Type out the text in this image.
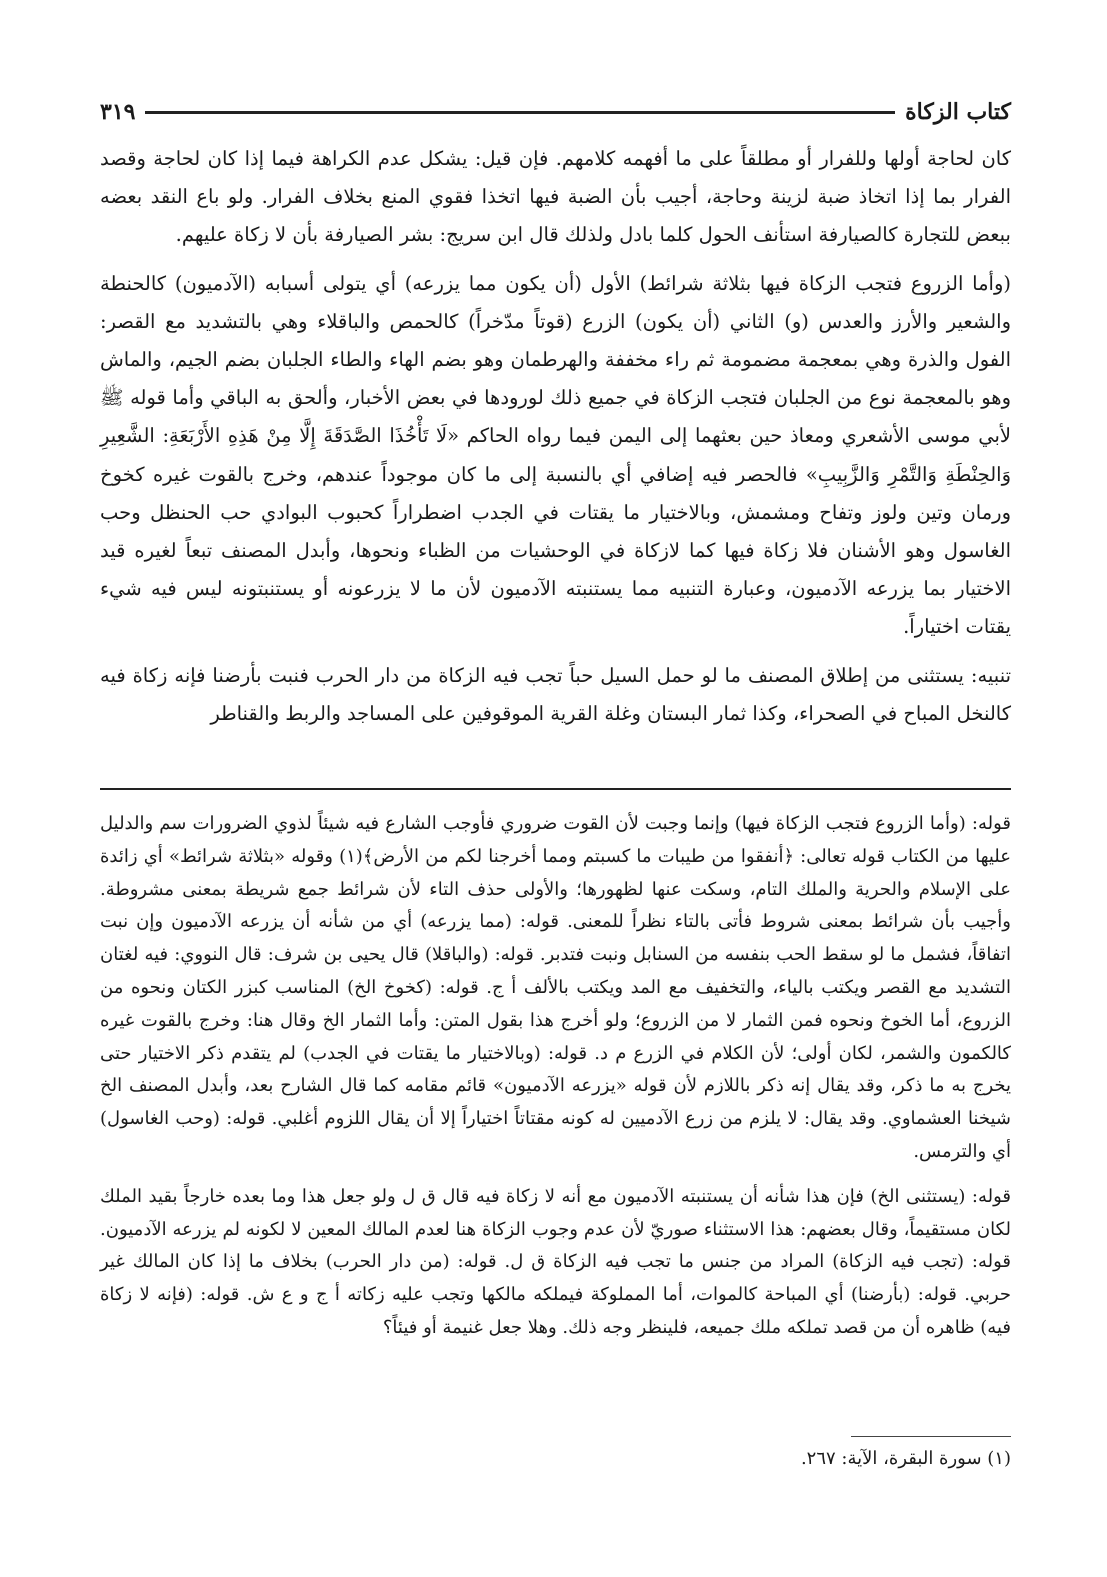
كتاب الزكاة
٣١٩

كان لحاجة أولها وللفرار أو مطلقاً على ما أفهمه كلامهم. فإن قيل: يشكل عدم الكراهة فيما إذا كان لحاجة وقصد الفرار بما إذا اتخاذ ضبة لزينة وحاجة، أجيب بأن الضبة فيها اتخذا فقوي المنع بخلاف الفرار. ولو باع النقد بعضه ببعض للتجارة كالصيارفة استأنف الحول كلما بادل ولذلك قال ابن سريج: بشر الصيارفة بأن لا زكاة عليهم.

(وأما الزروع فتجب الزكاة فيها بثلاثة شرائط) الأول (أن يكون مما يزرعه) أي يتولى أسبابه (الآدميون) كالحنطة والشعير والأرز والعدس (و) الثاني (أن يكون) الزرع (قوتاً مدّخراً) كالحمص والباقلاء وهي بالتشديد مع القصر: الفول والذرة وهي بمعجمة مضمومة ثم راء مخففة والهرطمان وهو بضم الهاء والطاء الجلبان بضم الجيم، والماش وهو بالمعجمة نوع من الجلبان فتجب الزكاة في جميع ذلك لورودها في بعض الأخبار، وألحق به الباقي وأما قوله ﷺ لأبي موسى الأشعري ومعاذ حين بعثهما إلى اليمن فيما رواه الحاكم «لَا تَأْخُذَا الصَّدَقَةَ إِلَّا مِنْ هَذِهِ الأَرْبَعَةِ: الشَّعِيرِ وَالحِنْطَةِ وَالتَّمْرِ وَالزَّبِيبِ» فالحصر فيه إضافي أي بالنسبة إلى ما كان موجوداً عندهم، وخرج بالقوت غيره كخوخ ورمان وتين ولوز وتفاح ومشمش، وبالاختيار ما يقتات في الجدب اضطراراً كحبوب البوادي حب الحنظل وحب الغاسول وهو الأشنان فلا زكاة فيها كما لازكاة في الوحشيات من الظباء ونحوها، وأبدل المصنف تبعاً لغيره قيد الاختيار بما يزرعه الآدميون، وعبارة التنبيه مما يستنبته الآدميون لأن ما لا يزرعونه أو يستنبتونه ليس فيه شيء يقتات اختياراً.

تنبيه: يستثنى من إطلاق المصنف ما لو حمل السيل حباً تجب فيه الزكاة من دار الحرب فنبت بأرضنا فإنه زكاة فيه كالنخل المباح في الصحراء، وكذا ثمار البستان وغلة القرية الموقوفين على المساجد والربط والقناطر

قوله: (وأما الزروع فتجب الزكاة فيها) وإنما وجبت لأن القوت ضروري فأوجب الشارع فيه شيئاً لذوي الضرورات سم والدليل عليها من الكتاب قوله تعالى: ﴿أنفقوا من طيبات ما كسبتم ومما أخرجنا لكم من الأرض﴾(١) وقوله «بثلاثة شرائط» أي زائدة على الإسلام والحرية والملك التام، وسكت عنها لظهورها؛ والأولى حذف التاء لأن شرائط جمع شريطة بمعنى مشروطة. وأجيب بأن شرائط بمعنى شروط فأتى بالتاء نظراً للمعنى. قوله: (مما يزرعه) أي من شأنه أن يزرعه الآدميون وإن نبت اتفاقاً، فشمل ما لو سقط الحب بنفسه من السنابل ونبت فتدبر. قوله: (والباقلا) قال يحيى بن شرف: قال النووي: فيه لغتان التشديد مع القصر ويكتب بالياء، والتخفيف مع المد ويكتب بالألف أ ج. قوله: (كخوخ الخ) المناسب كبزر الكتان ونحوه من الزروع، أما الخوخ ونحوه فمن الثمار لا من الزروع؛ ولو أخرج هذا بقول المتن: وأما الثمار الخ وقال هنا: وخرج بالقوت غيره كالكمون والشمر، لكان أولى؛ لأن الكلام في الزرع م د. قوله: (وبالاختيار ما يقتات في الجدب) لم يتقدم ذكر الاختيار حتى يخرج به ما ذكر، وقد يقال إنه ذكر باللازم لأن قوله «يزرعه الآدميون» قائم مقامه كما قال الشارح بعد، وأبدل المصنف الخ شيخنا العشماوي. وقد يقال: لا يلزم من زرع الآدميين له كونه مقتاتاً اختياراً إلا أن يقال اللزوم أغلبي. قوله: (وحب الغاسول) أي والترمس.

قوله: (يستثنى الخ) فإن هذا شأنه أن يستنبته الآدميون مع أنه لا زكاة فيه قال ق ل ولو جعل هذا وما بعده خارجاً بقيد الملك لكان مستقيماً، وقال بعضهم: هذا الاستثناء صوريّ لأن عدم وجوب الزكاة هنا لعدم المالك المعين لا لكونه لم يزرعه الآدميون. قوله: (تجب فيه الزكاة) المراد من جنس ما تجب فيه الزكاة ق ل. قوله: (من دار الحرب) بخلاف ما إذا كان المالك غير حربي. قوله: (بأرضنا) أي المباحة كالموات، أما المملوكة فيملكه مالكها وتجب عليه زكاته أ ج و ع ش. قوله: (فإنه لا زكاة فيه) ظاهره أن من قصد تملكه ملك جميعه، فلينظر وجه ذلك. وهلا جعل غنيمة أو فيئاً؟

(١) سورة البقرة، الآية: ٢٦٧.
